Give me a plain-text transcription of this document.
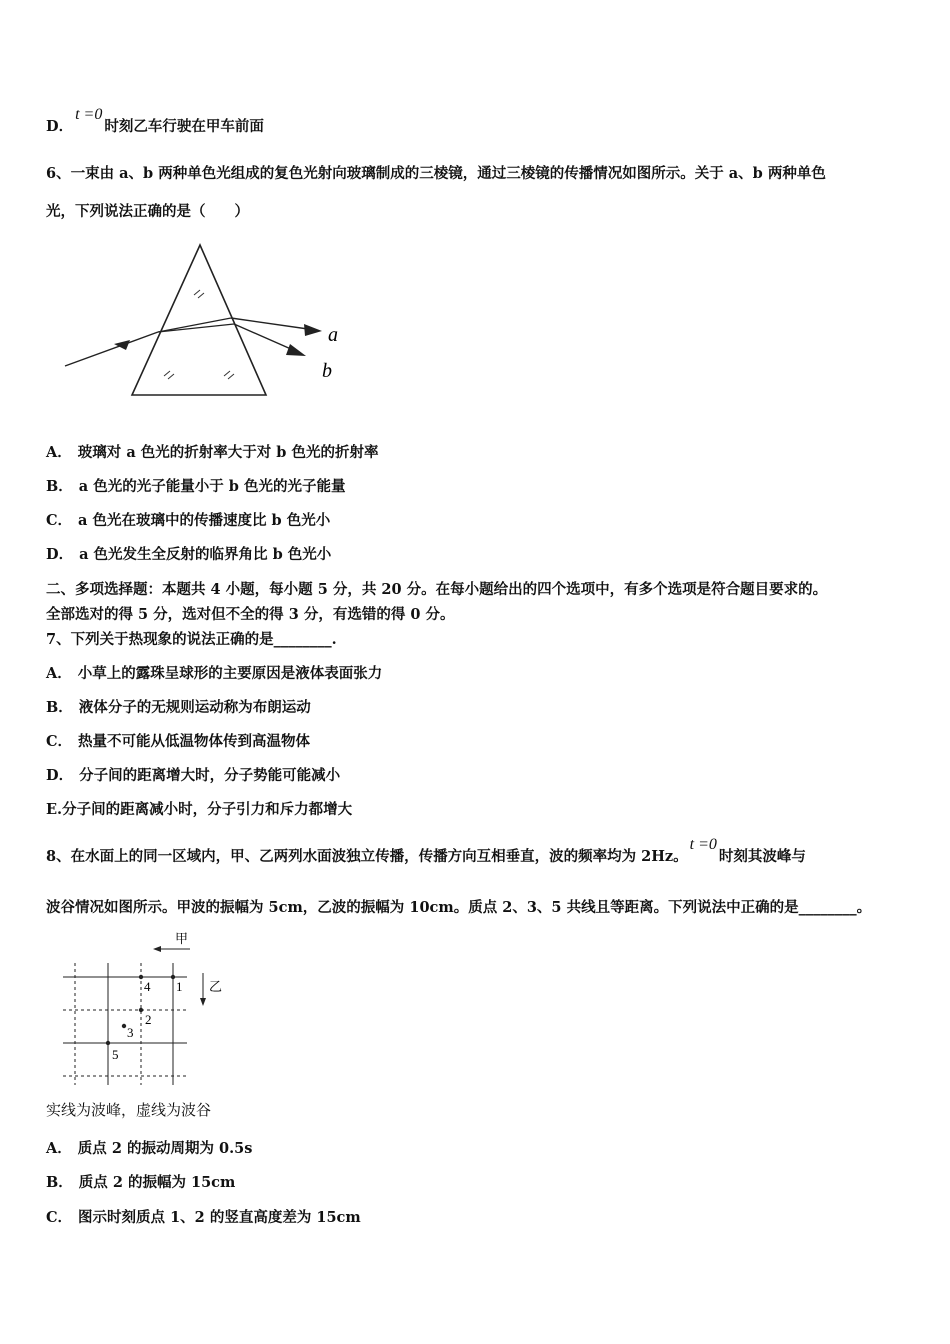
D．t =0时刻乙车行驶在甲车前面
6、一束由 a、b 两种单色光组成的复色光射向玻璃制成的三棱镜，通过三棱镜的传播情况如图所示。关于 a、b 两种单色
光，下列说法正确的是（　　）
a
b
A． 玻璃对 a 色光的折射率大于对 b 色光的折射率
B． a 色光的光子能量小于 b 色光的光子能量
C． a 色光在玻璃中的传播速度比 b 色光小
D． a 色光发生全反射的临界角比 b 色光小
二、多项选择题：本题共 4 小题，每小题 5 分，共 20 分。在每小题给出的四个选项中，有多个选项是符合题目要求的。
全部选对的得 5 分，选对但不全的得 3 分，有选错的得 0 分。
7、下列关于热现象的说法正确的是________.
A． 小草上的露珠呈球形的主要原因是液体表面张力
B． 液体分子的无规则运动称为布朗运动
C． 热量不可能从低温物体传到高温物体
D． 分子间的距离增大时，分子势能可能减小
E.分子间的距离减小时，分子引力和斥力都增大
8、在水面上的同一区域内，甲、乙两列水面波独立传播，传播方向互相垂直，波的频率均为 2Hz。t =0时刻其波峰与
波谷情况如图所示。甲波的振幅为 5cm，乙波的振幅为 10cm。质点 2、3、5 共线且等距离。下列说法中正确的是________。
甲
乙
1
2
3
4
5
实线为波峰，虚线为波谷
A． 质点 2 的振动周期为 0.5s
B． 质点 2 的振幅为 15cm
C． 图示时刻质点 1、2 的竖直高度差为 15cm
